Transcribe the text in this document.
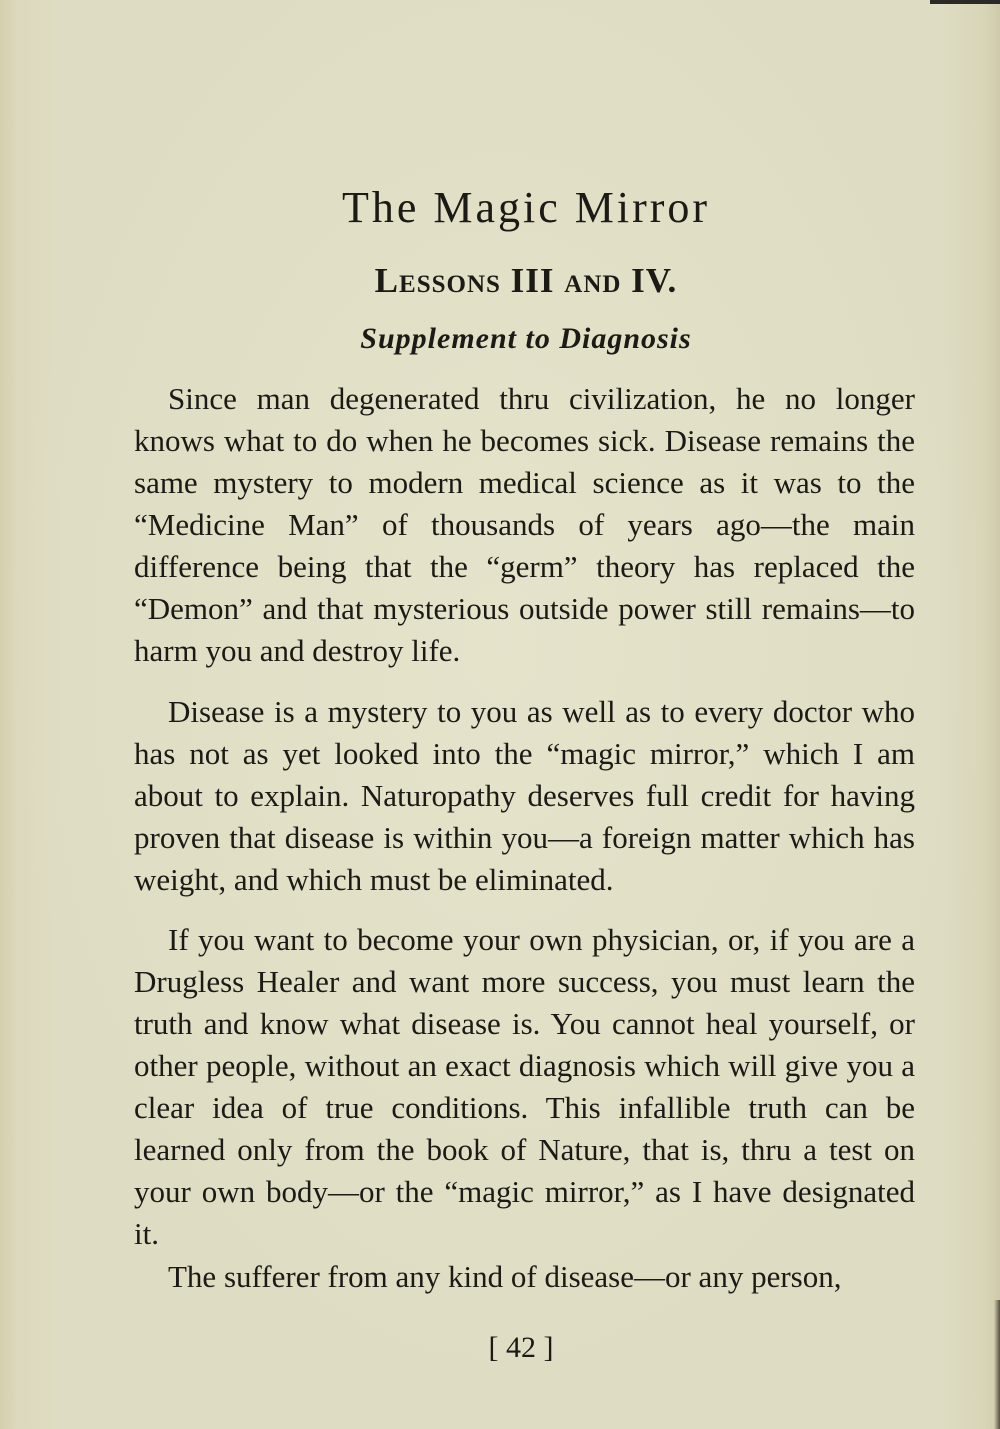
The Magic Mirror
Lessons III and IV.
Supplement to Diagnosis

Since man degenerated thru civilization, he no longer knows what to do when he becomes sick. Disease remains the same mystery to modern medical science as it was to the “Medicine Man” of thousands of years ago—the main difference being that the “germ” theory has replaced the “Demon” and that mysterious outside power still remains—to harm you and destroy life.

Disease is a mystery to you as well as to every doctor who has not as yet looked into the “magic mirror,” which I am about to explain. Naturopathy deserves full credit for having proven that disease is within you—a foreign matter which has weight, and which must be eliminated.

If you want to become your own physician, or, if you are a Drugless Healer and want more success, you must learn the truth and know what disease is. You cannot heal yourself, or other people, without an exact diagnosis which will give you a clear idea of true conditions. This infallible truth can be learned only from the book of Nature, that is, thru a test on your own body—or the “magic mirror,” as I have designated it.

The sufferer from any kind of disease—or any person,

[ 42 ]
